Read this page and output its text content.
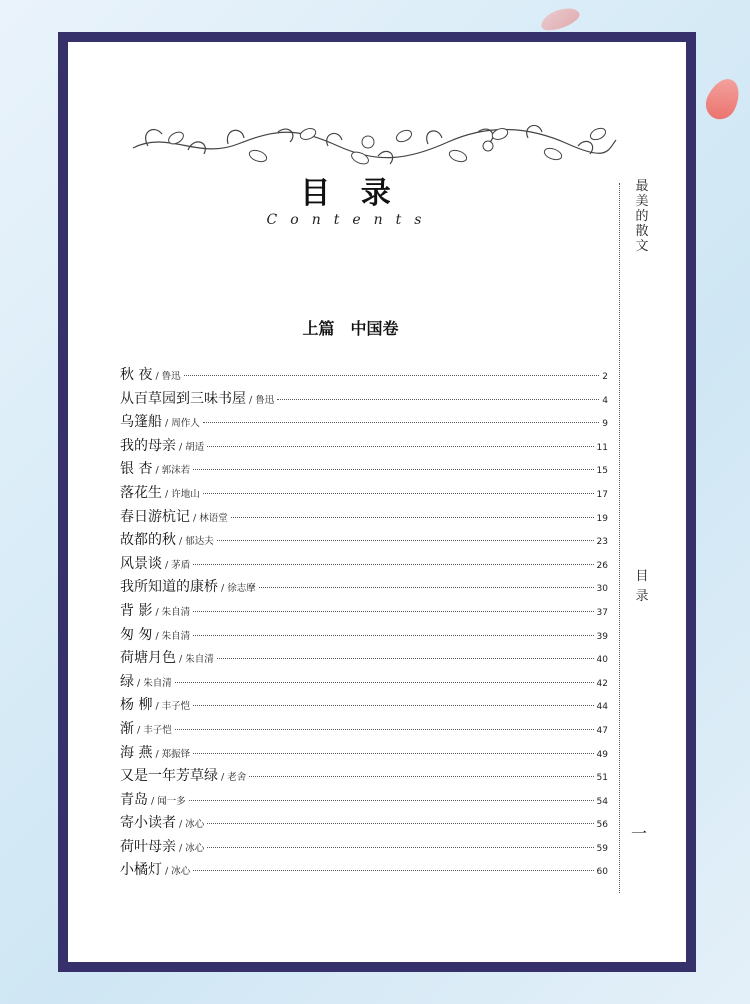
目 录
Contents
上篇　中国卷
秋 夜 / 鲁迅	2
从百草园到三味书屋 / 鲁迅	4
乌篷船 / 周作人	9
我的母亲 / 胡适	11
银 杏 / 郭沫若	15
落花生 / 许地山	17
春日游杭记 / 林语堂	19
故都的秋 / 郁达夫	23
风景谈 / 茅盾	26
我所知道的康桥 / 徐志摩	30
背 影 / 朱自清	37
匆 匆 / 朱自清	39
荷塘月色 / 朱自清	40
绿 / 朱自清	42
杨 柳 / 丰子恺	44
渐 / 丰子恺	47
海 燕 / 郑振铎	49
又是一年芳草绿 / 老舍	51
青岛 / 闻一多	54
寄小读者 / 冰心	56
荷叶母亲 / 冰心	59
小橘灯 / 冰心	60
最美的散文
目录
一
